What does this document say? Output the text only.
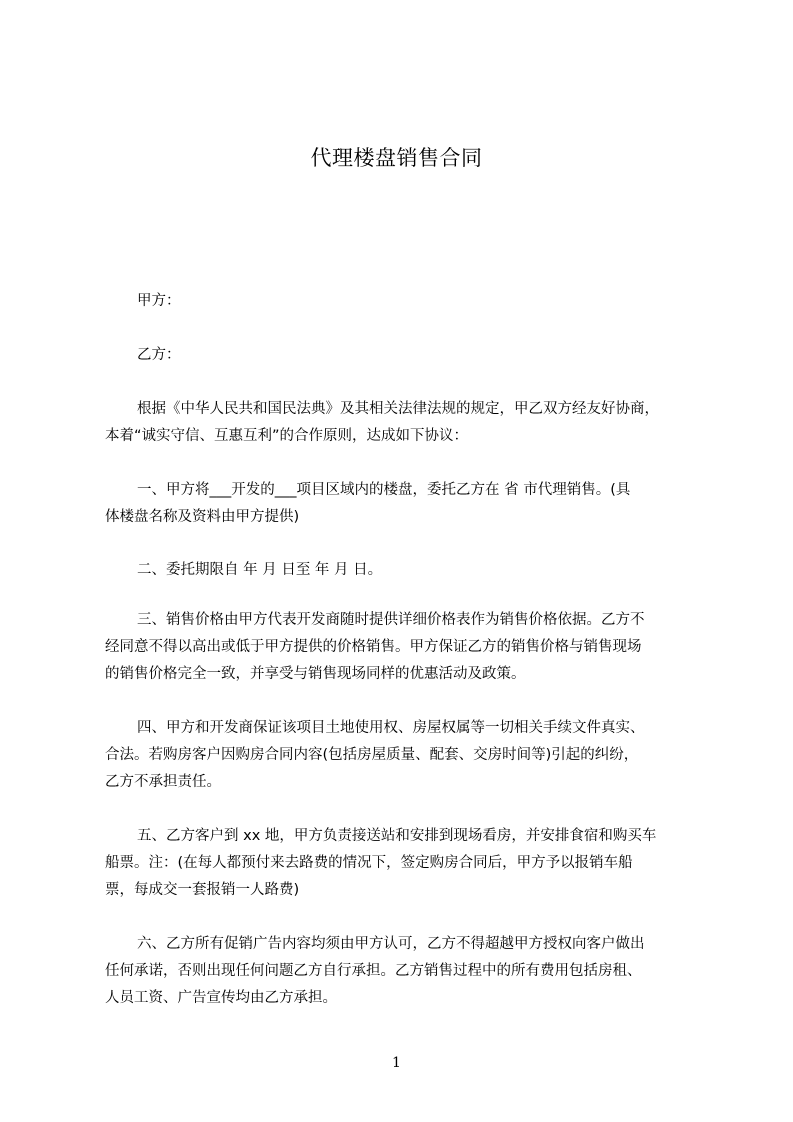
代理楼盘销售合同
甲方：
乙方：
根据《中华人民共和国民法典》及其相关法律法规的规定，甲乙双方经友好协商，
本着“诚实守信、互惠互利”的合作原则，达成如下协议：
一、甲方将___开发的___项目区域内的楼盘，委托乙方在 省 市代理销售。(具
体楼盘名称及资料由甲方提供)
二、委托期限自 年 月 日至 年 月 日。
三、销售价格由甲方代表开发商随时提供详细价格表作为销售价格依据。乙方不
经同意不得以高出或低于甲方提供的价格销售。甲方保证乙方的销售价格与销售现场
的销售价格完全一致，并享受与销售现场同样的优惠活动及政策。
四、甲方和开发商保证该项目土地使用权、房屋权属等一切相关手续文件真实、
合法。若购房客户因购房合同内容(包括房屋质量、配套、交房时间等)引起的纠纷，
乙方不承担责任。
五、乙方客户到 xx 地，甲方负责接送站和安排到现场看房，并安排食宿和购买车
船票。注：(在每人都预付来去路费的情况下，签定购房合同后，甲方予以报销车船
票，每成交一套报销一人路费)
六、乙方所有促销广告内容均须由甲方认可，乙方不得超越甲方授权向客户做出
任何承诺，否则出现任何问题乙方自行承担。乙方销售过程中的所有费用包括房租、
人员工资、广告宣传均由乙方承担。
1
